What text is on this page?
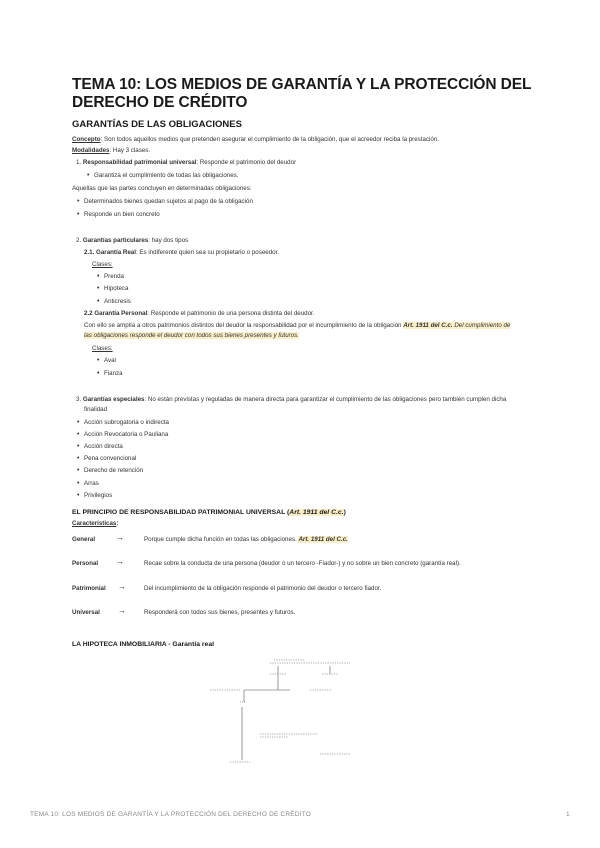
TEMA 10: LOS MEDIOS DE GARANTÍA Y LA PROTECCIÓN DEL DERECHO DE CRÉDITO
GARANTÍAS DE LAS OBLIGACIONES
Concepto: Son todos aquellos medios que pretenden asegurar el cumplimiento de la obligación, que el acreedor reciba la prestación.
Modalidades: Hay 3 clases.
1. Responsabilidad patrimonial universal: Responde el patrimonio del deudor
• Garantiza el cumplimiento de todas las obligaciones.
Aquellas que las partes concluyen en determinadas obligaciones:
• Determinados bienes quedan sujetos al pago de la obligación
• Responde un bien concreto
2. Garantías particulares: hay dos tipos
2.1. Garantía Real: Es indiferente quien sea su propietario o poseedor.
Clases:
• Prenda
• Hipoteca
• Anticresis
2.2 Garantía Personal: Responde el patrimonio de una persona distinta del deudor.
Con ello se amplía a otros patrimonios distintos del deudor la responsabilidad por el incumplimiento de la obligación Art. 1911 del C.c. Del cumplimiento de
las obligaciones responde el deudor con todos sus bienes presentes y futuros.
Clases:
• Aval
• Fianza
3. Garantías especiales: No están previstas y reguladas de manera directa para garantizar el cumplimiento de las obligaciones pero también cumplen dicha
finalidad
• Acción subrogatoria o indirecta
• Acción Revocatoria o Pauliana
• Acción directa
• Pena convencional
• Derecho de retención
• Arras
• Privilegios
EL PRINCIPIO DE RESPONSABILIDAD PATRIMONIAL UNIVERSAL (Art. 1911 del C.c.)
Características:
General	→	Porque cumple dicha función en todas las obligaciones. Art. 1911 del C.c.
Personal →	Recae sobre la conducta de una persona (deudor o un tercero -Fiador-) y no sobre un bien concreto (garantía real).
Patrimonial →	Del incumplimiento de la obligación responde el patrimonio del deudor o tercero fiador.
Universal →	Responderá con todos sus bienes, presentes y futuros.
LA HIPOTECA INMOBILIARIA - Garantía real
TEMA 10: LOS MEDIOS DE GARANTÍA Y LA PROTECCIÓN DEL DERECHO DE CRÉDITO	1
